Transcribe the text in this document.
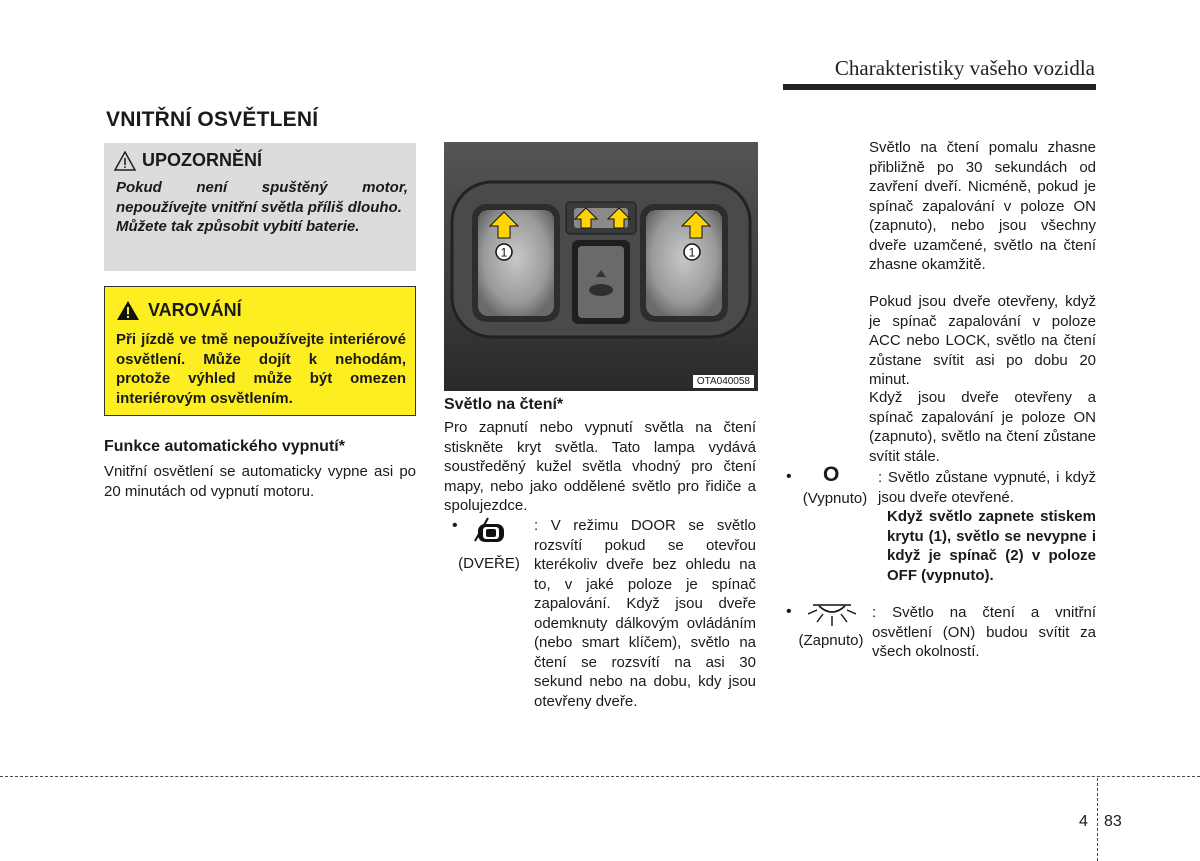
Charakteristiky vašeho vozidla
VNITŘNÍ OSVĚTLENÍ
UPOZORNĚNÍ

Pokud není spuštěný motor, nepoužívejte vnitřní světla příliš dlouho.

Můžete tak způsobit vybití baterie.

VAROVÁNÍ
Při jízdě ve tmě nepoužívejte interiérové osvětlení. Může dojít k nehodám, protože výhled může být omezen interiérovým osvětlením.
Funkce automatického vypnutí*
Vnitřní osvětlení se automaticky vypne asi po 20 minutách od vypnutí motoru.
1	1
OTA040058
Světlo na čtení*
Pro zapnutí nebo vypnutí světla na čtení stiskněte kryt světla. Tato lampa vydává soustředěný kužel světla vhodný pro čtení mapy, nebo jako oddělené světlo pro řidiče a spolujezdce.
•
(DVEŘE)
: V režimu DOOR se světlo rozsvítí pokud se otevřou kterékoliv dveře bez ohledu na to, v jaké poloze je spínač zapalování. Když jsou dveře odemknuty dálkovým ovládáním (nebo smart klíčem), světlo na čtení se rozsvítí na asi 30 sekund nebo na dobu, kdy jsou otevřeny dveře.
Světlo na čtení pomalu zhasne přibližně po 30 sekundách od zavření dveří. Nicméně, pokud je spínač zapalování v poloze ON (zapnuto), nebo jsou všechny dveře uzamčené, světlo na čtení zhasne okamžitě.
Pokud jsou dveře otevřeny, když je spínač zapalování v poloze ACC nebo LOCK, světlo na čtení zůstane svítit asi po dobu 20 minut.
Když jsou dveře otevřeny a spínač zapalování je poloze ON (zapnuto), světlo na čtení zůstane svítit stále.
• O
(Vypnuto)
: Světlo zůstane vypnuté, i když jsou dveře otevřené.
Když světlo zapnete stiskem krytu (1), světlo se nevypne i když je spínač (2) v poloze OFF (vypnuto).
•
(Zapnuto)
: Světlo na čtení a vnitřní osvětlení (ON) budou svítit za všech okolností.
4 83
